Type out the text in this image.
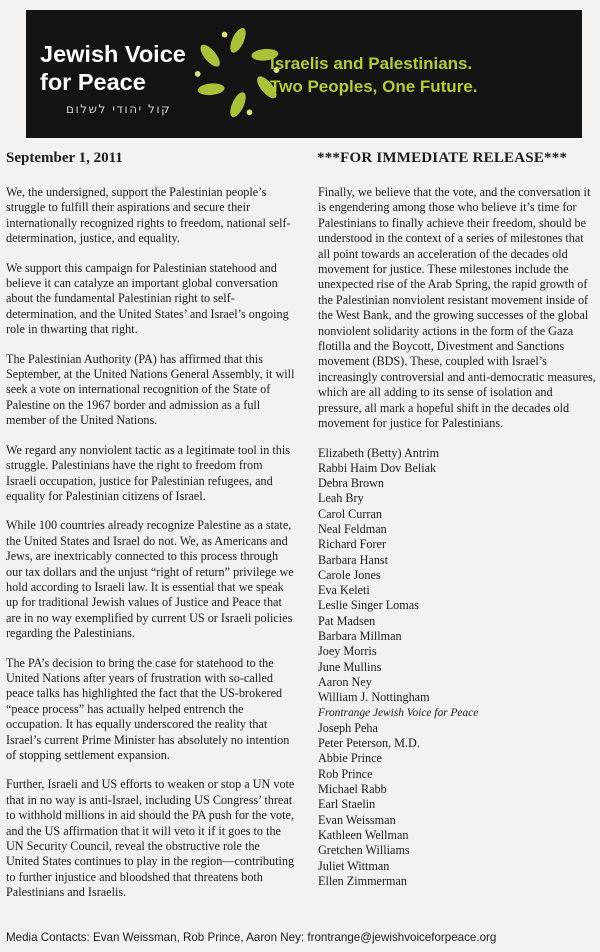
Jewish Voice
for Peace
קול יהודי לשלום
Israelis and Palestinians.
Two Peoples, One Future.
September 1, 2011	***FOR IMMEDIATE RELEASE***

We, the undersigned, support the Palestinian people’s struggle to fulfill their aspirations and secure their internationally recognized rights to freedom, national self-determination, justice, and equality.

We support this campaign for Palestinian statehood and believe it can catalyze an important global conversation about the fundamental Palestinian right to self-determination, and the United States’ and Israel’s ongoing role in thwarting that right.

The Palestinian Authority (PA) has affirmed that this September, at the United Nations General Assembly, it will seek a vote on international recognition of the State of Palestine on the 1967 border and admission as a full member of the United Nations.

We regard any nonviolent tactic as a legitimate tool in this struggle. Palestinians have the right to freedom from Israeli occupation, justice for Palestinian refugees, and equality for Palestinian citizens of Israel.

While 100 countries already recognize Palestine as a state, the United States and Israel do not. We, as Americans and Jews, are inextricably connected to this process through our tax dollars and the unjust “right of return” privilege we hold according to Israeli law. It is essential that we speak up for traditional Jewish values of Justice and Peace that are in no way exemplified by current US or Israeli policies regarding the Palestinians.

The PA’s decision to bring the case for statehood to the United Nations after years of frustration with so-called peace talks has highlighted the fact that the US-brokered “peace process” has actually helped entrench the occupation. It has equally underscored the reality that Israel’s current Prime Minister has absolutely no intention of stopping settlement expansion.

Further, Israeli and US efforts to weaken or stop a UN vote that in no way is anti-Israel, including US Congress’ threat to withhold millions in aid should the PA push for the vote, and the US affirmation that it will veto it if it goes to the UN Security Council, reveal the obstructive role the United States continues to play in the region—contributing to further injustice and bloodshed that threatens both Palestinians and Israelis.

Finally, we believe that the vote, and the conversation it is engendering among those who believe it’s time for Palestinians to finally achieve their freedom, should be understood in the context of a series of milestones that all point towards an acceleration of the decades old movement for justice. These milestones include the unexpected rise of the Arab Spring, the rapid growth of the Palestinian nonviolent resistant movement inside of the West Bank, and the growing successes of the global nonviolent solidarity actions in the form of the Gaza flotilla and the Boycott, Divestment and Sanctions movement (BDS). These, coupled with Israel’s increasingly controversial and anti-democratic measures, which are all adding to its sense of isolation and pressure, all mark a hopeful shift in the decades old movement for justice for Palestinians.

Elizabeth (Betty) Antrim
Rabbi Haim Dov Beliak
Debra Brown
Leah Bry
Carol Curran
Neal Feldman
Richard Forer
Barbara Hanst
Carole Jones
Eva Keleti
Leslie Singer Lomas
Pat Madsen
Barbara Millman
Joey Morris
June Mullins
Aaron Ney
William J. Nottingham
Frontrange Jewish Voice for Peace
Joseph Peha
Peter Peterson, M.D.
Abbie Prince
Rob Prince
Michael Rabb
Earl Staelin
Evan Weissman
Kathleen Wellman
Gretchen Williams
Juliet Wittman
Ellen Zimmerman
Media Contacts: Evan Weissman, Rob Prince, Aaron Ney: frontrange@jewishvoiceforpeace.org
